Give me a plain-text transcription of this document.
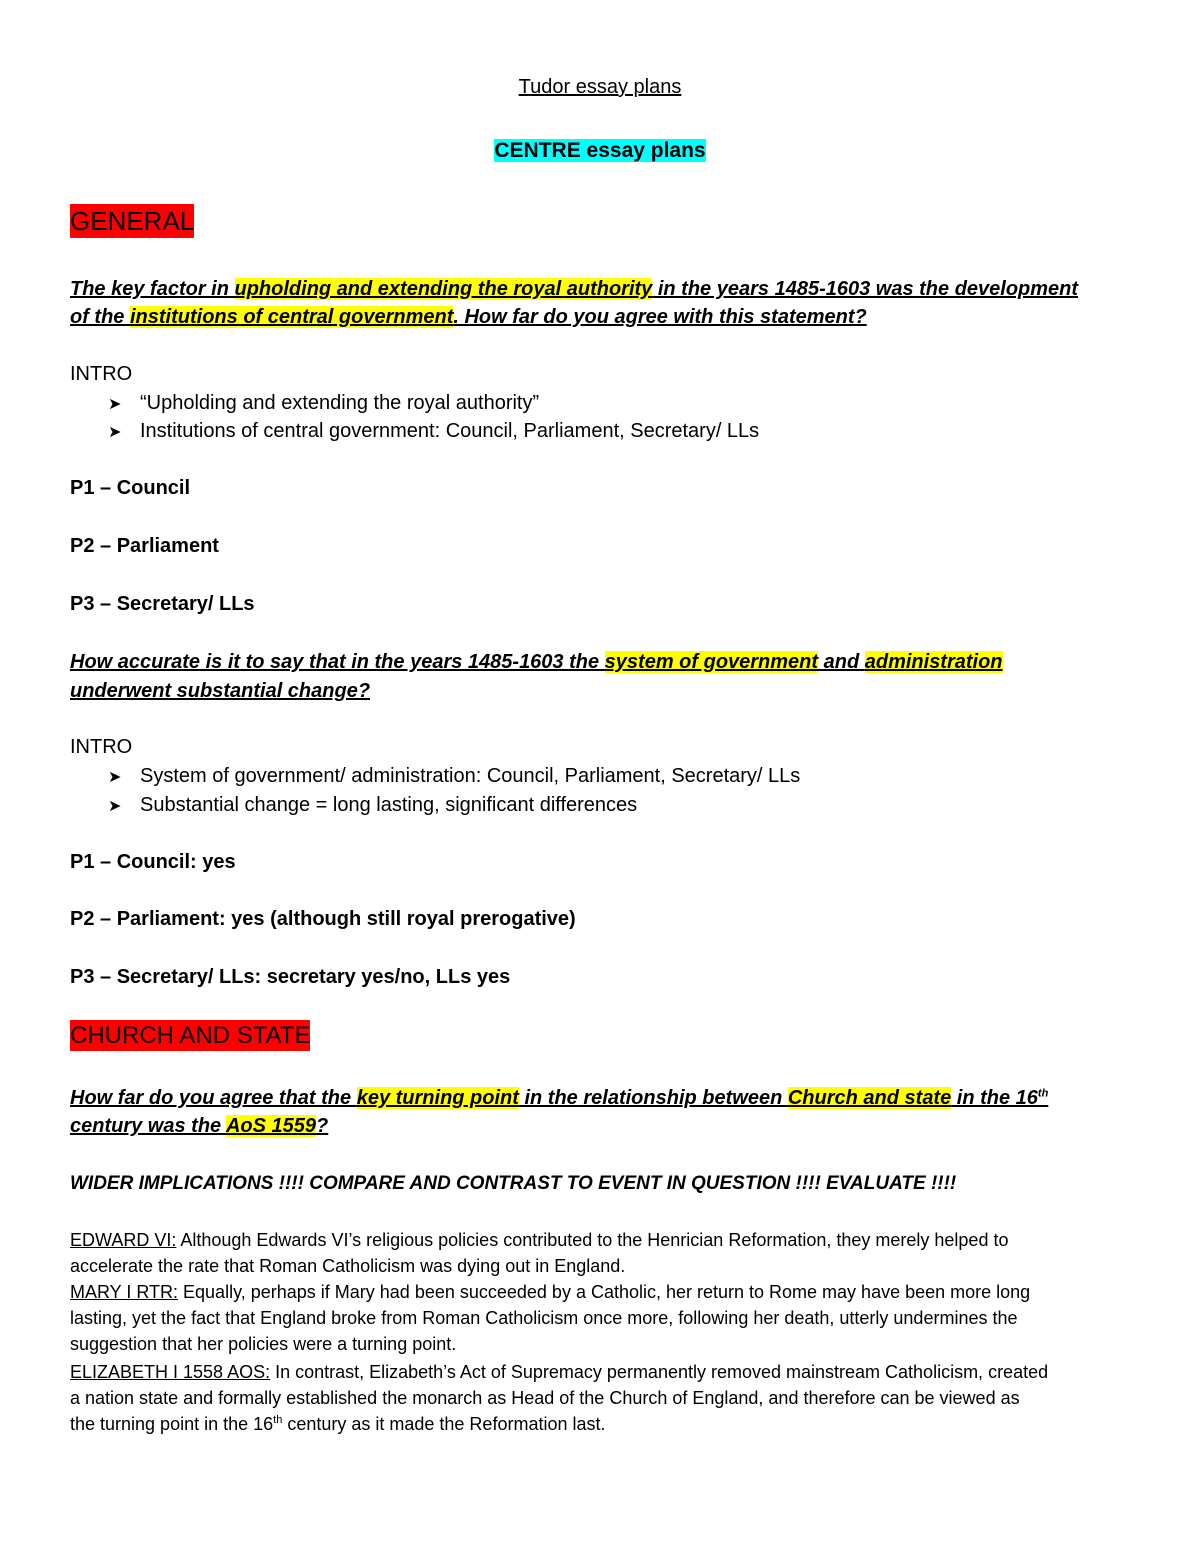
Tudor essay plans
CENTRE essay plans
GENERAL
The key factor in upholding and extending the royal authority in the years 1485-1603 was the development
of the institutions of central government. How far do you agree with this statement?
INTRO
➤ “Upholding and extending the royal authority”
➤ Institutions of central government: Council, Parliament, Secretary/ LLs
P1 – Council
P2 – Parliament
P3 – Secretary/ LLs
How accurate is it to say that in the years 1485-1603 the system of government and administration
underwent substantial change?
INTRO
➤ System of government/ administration: Council, Parliament, Secretary/ LLs
➤ Substantial change = long lasting, significant differences
P1 – Council: yes
P2 – Parliament: yes (although still royal prerogative)
P3 – Secretary/ LLs: secretary yes/no, LLs yes
CHURCH AND STATE
How far do you agree that the key turning point in the relationship between Church and state in the 16th
century was the AoS 1559?
WIDER IMPLICATIONS !!!! COMPARE AND CONTRAST TO EVENT IN QUESTION !!!! EVALUATE !!!!
EDWARD VI: Although Edwards VI’s religious policies contributed to the Henrician Reformation, they merely helped to
accelerate the rate that Roman Catholicism was dying out in England.
MARY I RTR: Equally, perhaps if Mary had been succeeded by a Catholic, her return to Rome may have been more long
lasting, yet the fact that England broke from Roman Catholicism once more, following her death, utterly undermines the
suggestion that her policies were a turning point.
ELIZABETH I 1558 AOS: In contrast, Elizabeth’s Act of Supremacy permanently removed mainstream Catholicism, created
a nation state and formally established the monarch as Head of the Church of England, and therefore can be viewed as
the turning point in the 16th century as it made the Reformation last.
